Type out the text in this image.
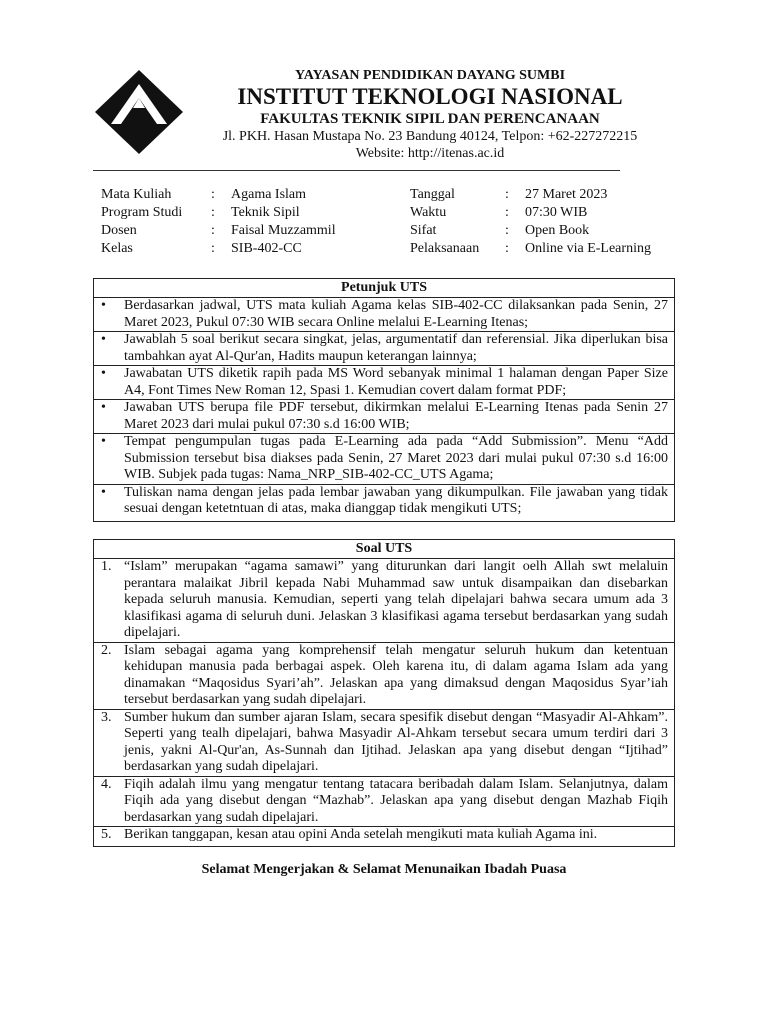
YAYASAN PENDIDIKAN DAYANG SUMBI
INSTITUT TEKNOLOGI NASIONAL
FAKULTAS TEKNIK SIPIL DAN PERENCANAAN
Jl. PKH. Hasan Mustapa No. 23 Bandung 40124, Telpon: +62-227272215
Website: http://itenas.ac.id
Mata Kuliah	:	Agama Islam
Program Studi	:	Teknik Sipil
Dosen	:	Faisal Muzzammil
Kelas	:	SIB-402-CC
Tanggal	:	27 Maret 2023
Waktu	:	07:30 WIB
Sifat	:	Open Book
Pelaksanaan	:	Online via E-Learning
Petunjuk UTS
• Berdasarkan jadwal, UTS mata kuliah Agama kelas SIB-402-CC dilaksankan pada Senin, 27 Maret 2023, Pukul 07:30 WIB secara Online melalui E-Learning Itenas;
• Jawablah 5 soal berikut secara singkat, jelas, argumentatif dan referensial. Jika diperlukan bisa tambahkan ayat Al-Qur'an, Hadits maupun keterangan lainnya;
• Jawabatan UTS diketik rapih pada MS Word sebanyak minimal 1 halaman dengan Paper Size A4, Font Times New Roman 12, Spasi 1. Kemudian covert dalam format PDF;
• Jawaban UTS berupa file PDF tersebut, dikirmkan melalui E-Learning Itenas pada Senin 27 Maret 2023 dari mulai pukul 07:30 s.d 16:00 WIB;
• Tempat pengumpulan tugas pada E-Learning ada pada “Add Submission”. Menu “Add Submission tersebut bisa diakses pada Senin, 27 Maret 2023 dari mulai pukul 07:30 s.d 16:00 WIB. Subjek pada tugas: Nama_NRP_SIB-402-CC_UTS Agama;
• Tuliskan nama dengan jelas pada lembar jawaban yang dikumpulkan. File jawaban yang tidak sesuai dengan ketetntuan di atas, maka dianggap tidak mengikuti UTS;
Soal UTS
1. “Islam” merupakan “agama samawi” yang diturunkan dari langit oelh Allah swt melaluin perantara malaikat Jibril kepada Nabi Muhammad saw untuk disampaikan dan disebarkan kepada seluruh manusia. Kemudian, seperti yang telah dipelajari bahwa secara umum ada 3 klasifikasi agama di seluruh duni. Jelaskan 3 klasifikasi agama tersebut berdasarkan yang sudah dipelajari.
2. Islam sebagai agama yang komprehensif telah mengatur seluruh hukum dan ketentuan kehidupan manusia pada berbagai aspek. Oleh karena itu, di dalam agama Islam ada yang dinamakan “Maqosidus Syari’ah”. Jelaskan apa yang dimaksud dengan Maqosidus Syar’iah tersebut berdasarkan yang sudah dipelajari.
3. Sumber hukum dan sumber ajaran Islam, secara spesifik disebut dengan “Masyadir Al-Ahkam”. Seperti yang tealh dipelajari, bahwa Masyadir Al-Ahkam tersebut secara umum terdiri dari 3 jenis, yakni Al-Qur'an, As-Sunnah dan Ijtihad. Jelaskan apa yang disebut dengan “Ijtihad” berdasarkan yang sudah dipelajari.
4. Fiqih adalah ilmu yang mengatur tentang tatacara beribadah dalam Islam. Selanjutnya, dalam Fiqih ada yang disebut dengan “Mazhab”. Jelaskan apa yang disebut dengan Mazhab Fiqih berdasarkan yang sudah dipelajari.
5. Berikan tanggapan, kesan atau opini Anda setelah mengikuti mata kuliah Agama ini.
Selamat Mengerjakan & Selamat Menunaikan Ibadah Puasa
